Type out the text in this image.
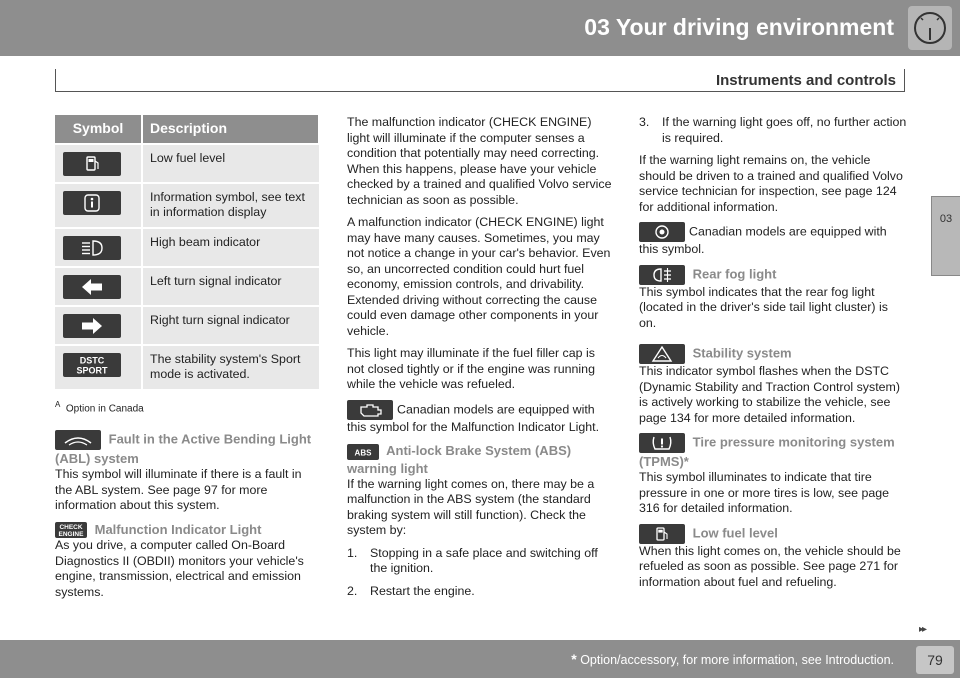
03 Your driving environment
Instruments and controls
03
Symbol	Description

	Low fuel level

	Information symbol, see text in information display

	High beam indicator

	Left turn signal indicator

	Right turn signal indicator

DSTC
SPORT	The stability system's Sport mode is activated.
$^A$ Option in Canada
Fault in the Active Bending Light
(ABL) system

This symbol will illuminate if there is a fault in the ABL system. See page 97 for more information about this system.

CHECK
ENGINE Malfunction Indicator Light

As you drive, a computer called On-Board Diagnostics II (OBDII) monitors your vehicle's engine, transmission, electrical and emission systems.

The malfunction indicator (CHECK ENGINE) light will illuminate if the computer senses a condition that potentially may need correcting. When this happens, please have your vehicle checked by a trained and qualified Volvo service technician as soon as possible.

A malfunction indicator (CHECK ENGINE) light may have many causes. Sometimes, you may not notice a change in your car's behavior. Even so, an uncorrected condition could hurt fuel economy, emission controls, and drivability. Extended driving without correcting the cause could even damage other components in your vehicle.

This light may illuminate if the fuel filler cap is not closed tightly or if the engine was running while the vehicle was refueled.

Canadian models are equipped with this symbol for the Malfunction Indicator Light.

ABS Anti-lock Brake System (ABS)
warning light

If the warning light comes on, there may be a malfunction in the ABS system (the standard braking system will still function). Check the system by:

1. Stopping in a safe place and switching off the ignition.
2. Restart the engine.
3. If the warning light goes off, no further action is required.

If the warning light remains on, the vehicle should be driven to a trained and qualified Volvo service technician for inspection, see page 124 for additional information.

Canadian models are equipped with this symbol.

Rear fog light

This symbol indicates that the rear fog light (located in the driver's side tail light cluster) is on.

Stability system

This indicator symbol flashes when the DSTC (Dynamic Stability and Traction Control system) is actively working to stabilize the vehicle, see page 134 for more detailed information.

Tire pressure monitoring system
(TPMS)*

This symbol illuminates to indicate that tire pressure in one or more tires is low, see page 316 for detailed information.

Low fuel level

When this light comes on, the vehicle should be refueled as soon as possible. See page 271 for information about fuel and refueling.

▸▸
* Option/accessory, for more information, see Introduction.	79
